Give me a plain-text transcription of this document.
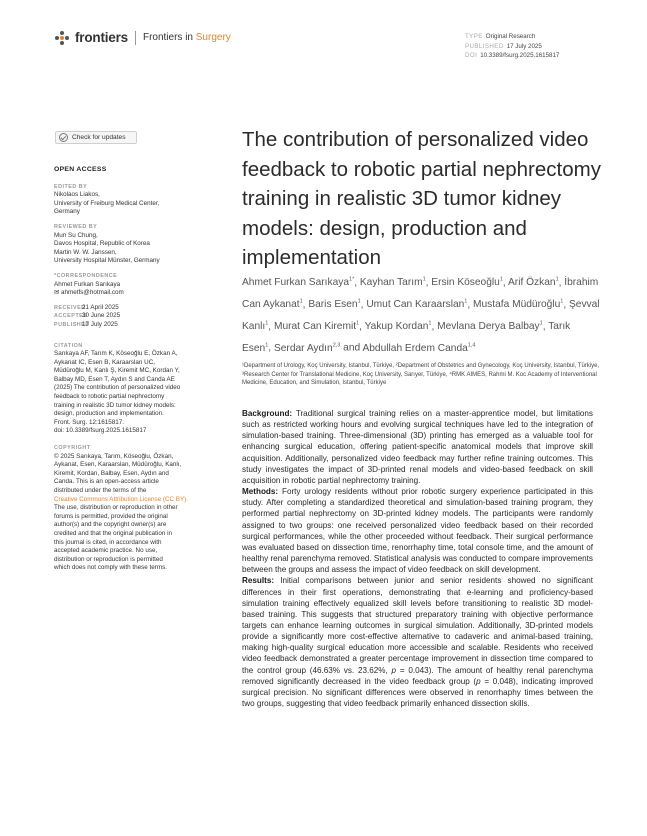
frontiers Frontiers in Surgery	TYPE Original Research
PUBLISHED 17 July 2025
DOI 10.3389/fsurg.2025.1615817
Check for updates
OPEN ACCESS
EDITED BY
Nikolaos Liakos,
University of Freiburg Medical Center,
Germany
REVIEWED BY
Mun Su Chung,
Davos Hospital, Republic of Korea
Martin W. W. Janssen,
University Hospital Münster, Germany
*CORRESPONDENCE
Ahmet Furkan Sarıkaya
✉ ahmetfs@hotmail.com
RECEIVED
21 April 2025
ACCEPTED
30 June 2025
PUBLISHED
17 July 2025
CITATION
Sarıkaya AF, Tarım K, Köseoğlu E, Özkan A,
Aykanat IC, Esen B, Karaarslan UC,
Müdüroğlu M, Kanlı Ş, Kiremit MC, Kordan Y,
Balbay MD, Esen T, Aydın S and Canda AE
(2025) The contribution of personalized video
feedback to robotic partial nephrectomy
training in realistic 3D tumor kidney models:
design, production and implementation.
Front. Surg. 12:1615817.
doi: 10.3389/fsurg.2025.1615817
COPYRIGHT
© 2025 Sarıkaya, Tarım, Köseoğlu, Özkan,
Aykanat, Esen, Karaarslan, Müdüroğlu, Kanlı,
Kiremit, Kordan, Balbay, Esen, Aydın and
Canda. This is an open-access article
distributed under the terms of the
Creative Commons Attribution License (CC BY).
The use, distribution or reproduction in other
forums is permitted, provided the original
author(s) and the copyright owner(s) are
credited and that the original publication in
this journal is cited, in accordance with
accepted academic practice. No use,
distribution or reproduction is permitted
which does not comply with these terms.
The contribution of personalized video feedback to robotic partial nephrectomy training in realistic 3D tumor kidney models: design, production and implementation
Ahmet Furkan Sarıkaya$^{1*}$, Kayhan Tarım$^1$, Ersin Köseoğlu$^1$, Arif Özkan$^1$, İbrahim Can Aykanat$^1$, Baris Esen$^1$, Umut Can Karaarslan$^1$, Mustafa Müdüroğlu$^1$, Şevval Kanlı$^1$, Murat Can Kiremit$^1$, Yakup Kordan$^1$, Mevlana Derya Balbay$^1$, Tarık Esen$^1$, Serdar Aydın$^{2,3}$ and Abdullah Erdem Canda$^{1,4}$
¹Department of Urology, Koç University, Istanbul, Türkiye, ²Department of Obstetrics and Gynecology, Koç University, Istanbul, Türkiye, ³Research Center for Translational Medicine, Koç University, Sarıyer, Türkiye, ⁴RMK AIMES, Rahmi M. Koc Academy of Interventional Medicine, Education, and Simulation, Istanbul, Türkiye

Background: Traditional surgical training relies on a master-apprentice model, but limitations such as restricted working hours and evolving surgical techniques have led to the integration of simulation-based training. Three-dimensional (3D) printing has emerged as a valuable tool for enhancing surgical education, offering patient-specific anatomical models that improve skill acquisition. Additionally, personalized video feedback may further refine training outcomes. This study investigates the impact of 3D-printed renal models and video-based feedback on skill acquisition in robotic partial nephrectomy training.

Methods: Forty urology residents without prior robotic surgery experience participated in this study. After completing a standardized theoretical and simulation-based training program, they performed partial nephrectomy on 3D-printed kidney models. The participants were randomly assigned to two groups: one received personalized video feedback based on their recorded surgical performances, while the other proceeded without feedback. Their surgical performance was evaluated based on dissection time, renorrhaphy time, total console time, and the amount of healthy renal parenchyma removed. Statistical analysis was conducted to compare improvements between the groups and assess the impact of video feedback on skill development.

Results: Initial comparisons between junior and senior residents showed no significant differences in their first operations, demonstrating that e-learning and proficiency-based simulation training effectively equalized skill levels before transitioning to realistic 3D model-based training. This suggests that structured preparatory training with objective performance targets can enhance learning outcomes in surgical simulation. Additionally, 3D-printed models provide a significantly more cost-effective alternative to cadaveric and animal-based training, making high-quality surgical education more accessible and scalable. Residents who received video feedback demonstrated a greater percentage improvement in dissection time compared to the control group (46.63% vs. 23.62%, p = 0.043). The amount of healthy renal parenchyma removed significantly decreased in the video feedback group (p = 0.048), indicating improved surgical precision. No significant differences were observed in renorrhaphy times between the two groups, suggesting that video feedback primarily enhanced dissection skills.
